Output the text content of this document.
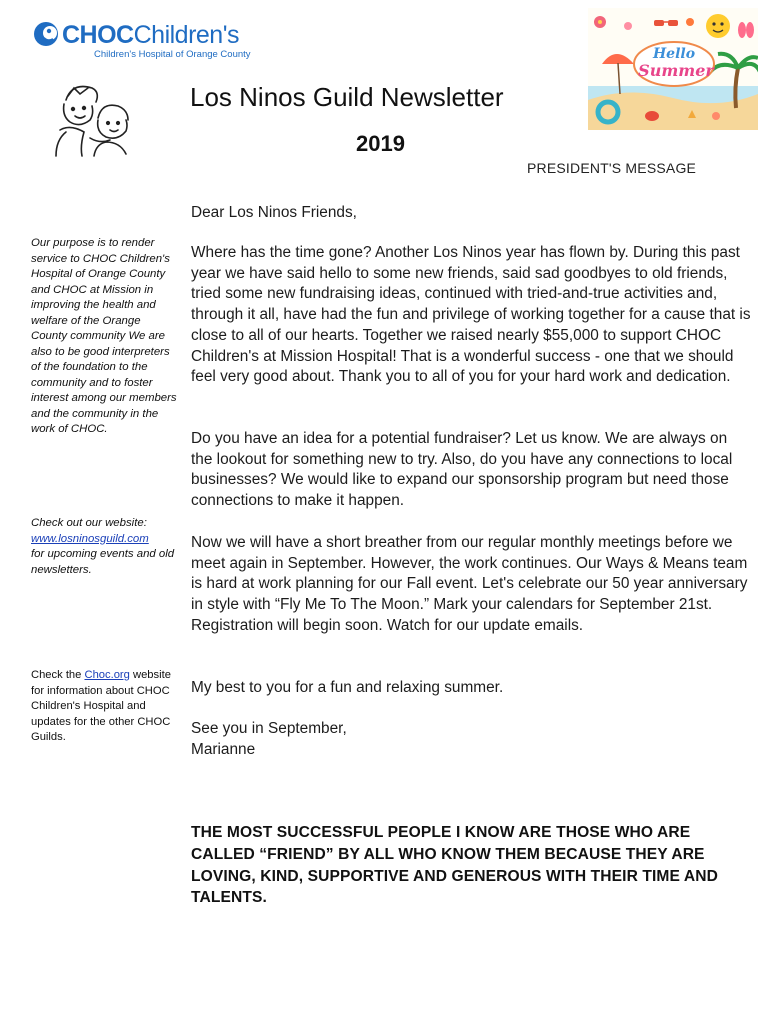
CHOCChildren's
Children's Hospital of Orange County
Los Ninos Guild Newsletter
2019
PRESIDENT'S MESSAGE
Hello
Summer
Our purpose is to render service to CHOC Children's Hospital of Orange County and CHOC at Mission in improving the health and welfare of the Orange County community We are also to be good interpreters of the foundation to the community and to foster interest among our members and the community in the work of CHOC.
Check out our website:
www.losninosguild.com
for upcoming events and old newsletters.
Check the Choc.org website for information about CHOC Children's Hospital and updates for the other CHOC Guilds.
Dear Los Ninos Friends,
Where has the time gone? Another Los Ninos year has flown by. During this past year we have said hello to some new friends, said sad goodbyes to old friends, tried some new fundraising ideas, continued with tried-and-true activities and, through it all, have had the fun and privilege of working together for a cause that is close to all of our hearts. Together we raised nearly $55,000 to support CHOC Children's at Mission Hospital! That is a wonderful success - one that we should feel very good about. Thank you to all of you for your hard work and dedication.
Do you have an idea for a potential fundraiser? Let us know. We are always on the lookout for something new to try. Also, do you have any connections to local businesses? We would like to expand our sponsorship program but need those connections to make it happen.
Now we will have a short breather from our regular monthly meetings before we meet again in September. However, the work continues. Our Ways & Means team is hard at work planning for our Fall event. Let's celebrate our 50 year anniversary in style with “Fly Me To The Moon.” Mark your calendars for September 21st. Registration will begin soon. Watch for our update emails.
My best to you for a fun and relaxing summer.
See you in September,
Marianne
THE MOST SUCCESSFUL PEOPLE I KNOW ARE THOSE WHO ARE CALLED “FRIEND” BY ALL WHO KNOW THEM BECAUSE THEY ARE LOVING, KIND, SUPPORTIVE AND GENEROUS WITH THEIR TIME AND TALENTS.
